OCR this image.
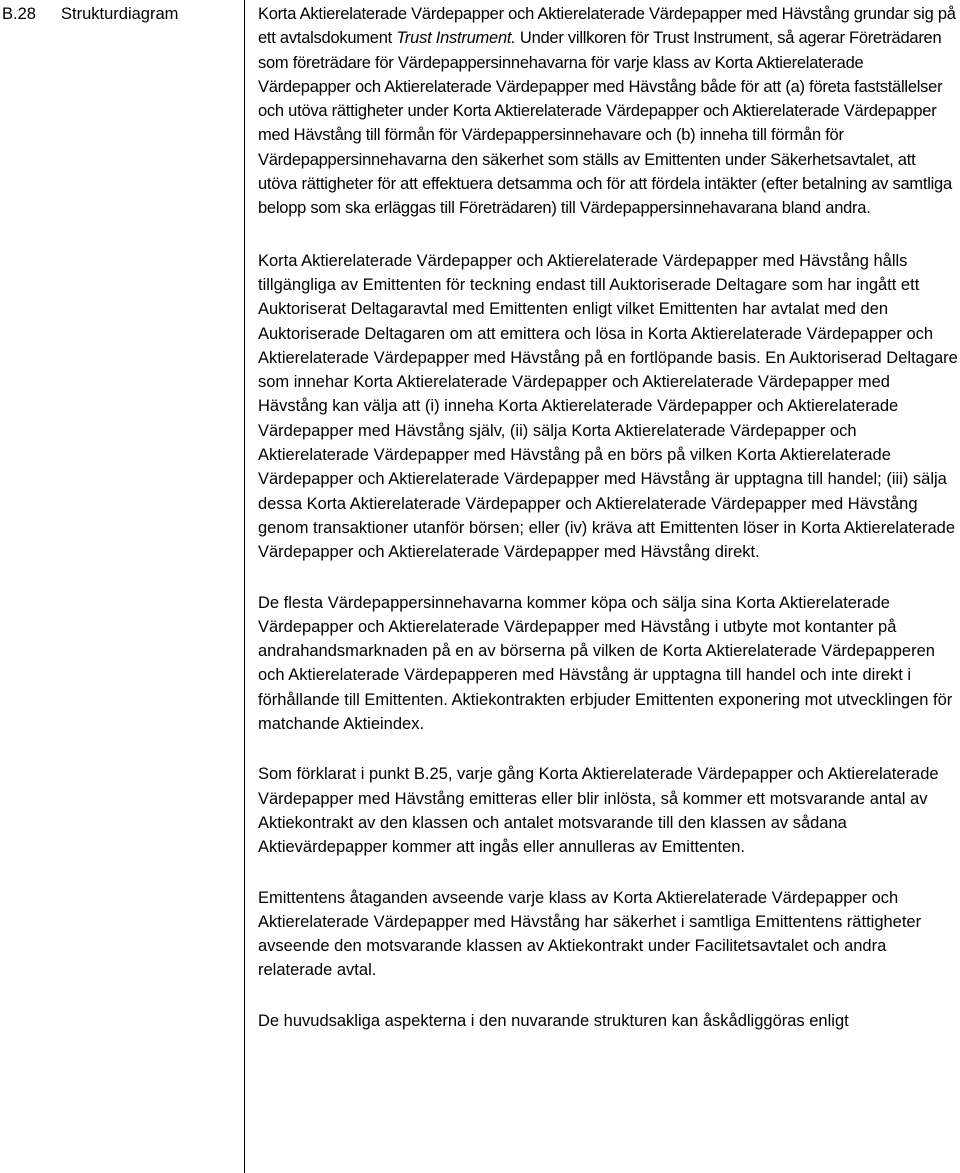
B.28 Strukturdiagram	Korta Aktierelaterade Värdepapper och Aktierelaterade Värdepapper med Hävstång grundar sig på ett avtalsdokument Trust Instrument. Under villkoren för Trust Instrument, så agerar Företrädaren som företrädare för Värdepappersinnehavarna för varje klass av Korta Aktierelaterade Värdepapper och Aktierelaterade Värdepapper med Hävstång både för att (a) företa fastställelser och utöva rättigheter under Korta Aktierelaterade Värdepapper och Aktierelaterade Värdepapper med Hävstång till förmån för Värdepappersinnehavare och (b) inneha till förmån för Värdepappersinnehavarna den säkerhet som ställs av Emittenten under Säkerhetsavtalet, att utöva rättigheter för att effektuera detsamma och för att fördela intäkter (efter betalning av samtliga belopp som ska erläggas till Företrädaren) till Värdepappersinnehavarana bland andra.

Korta Aktierelaterade Värdepapper och Aktierelaterade Värdepapper med Hävstång hålls tillgängliga av Emittenten för teckning endast till Auktoriserade Deltagare som har ingått ett Auktoriserat Deltagaravtal med Emittenten enligt vilket Emittenten har avtalat med den Auktoriserade Deltagaren om att emittera och lösa in Korta Aktierelaterade Värdepapper och Aktierelaterade Värdepapper med Hävstång på en fortlöpande basis. En Auktoriserad Deltagare som innehar Korta Aktierelaterade Värdepapper och Aktierelaterade Värdepapper med Hävstång kan välja att (i) inneha Korta Aktierelaterade Värdepapper och Aktierelaterade Värdepapper med Hävstång själv, (ii) sälja Korta Aktierelaterade Värdepapper och Aktierelaterade Värdepapper med Hävstång på en börs på vilken Korta Aktierelaterade Värdepapper och Aktierelaterade Värdepapper med Hävstång är upptagna till handel; (iii) sälja dessa Korta Aktierelaterade Värdepapper och Aktierelaterade Värdepapper med Hävstång genom transaktioner utanför börsen; eller (iv) kräva att Emittenten löser in Korta Aktierelaterade Värdepapper och Aktierelaterade Värdepapper med Hävstång direkt.

De flesta Värdepappersinnehavarna kommer köpa och sälja sina Korta Aktierelaterade Värdepapper och Aktierelaterade Värdepapper med Hävstång i utbyte mot kontanter på andrahandsmarknaden på en av börserna på vilken de Korta Aktierelaterade Värdepapperen och Aktierelaterade Värdepapperen med Hävstång är upptagna till handel och inte direkt i förhållande till Emittenten. Aktiekontrakten erbjuder Emittenten exponering mot utvecklingen för matchande Aktieindex.

Som förklarat i punkt B.25, varje gång Korta Aktierelaterade Värdepapper och Aktierelaterade Värdepapper med Hävstång emitteras eller blir inlösta, så kommer ett motsvarande antal av Aktiekontrakt av den klassen och antalet motsvarande till den klassen av sådana Aktievärdepapper kommer att ingås eller annulleras av Emittenten.

Emittentens åtaganden avseende varje klass av Korta Aktierelaterade Värdepapper och Aktierelaterade Värdepapper med Hävstång har säkerhet i samtliga Emittentens rättigheter avseende den motsvarande klassen av Aktiekontrakt under Facilitetsavtalet och andra relaterade avtal.

De huvudsakliga aspekterna i den nuvarande strukturen kan åskådliggöras enligt
